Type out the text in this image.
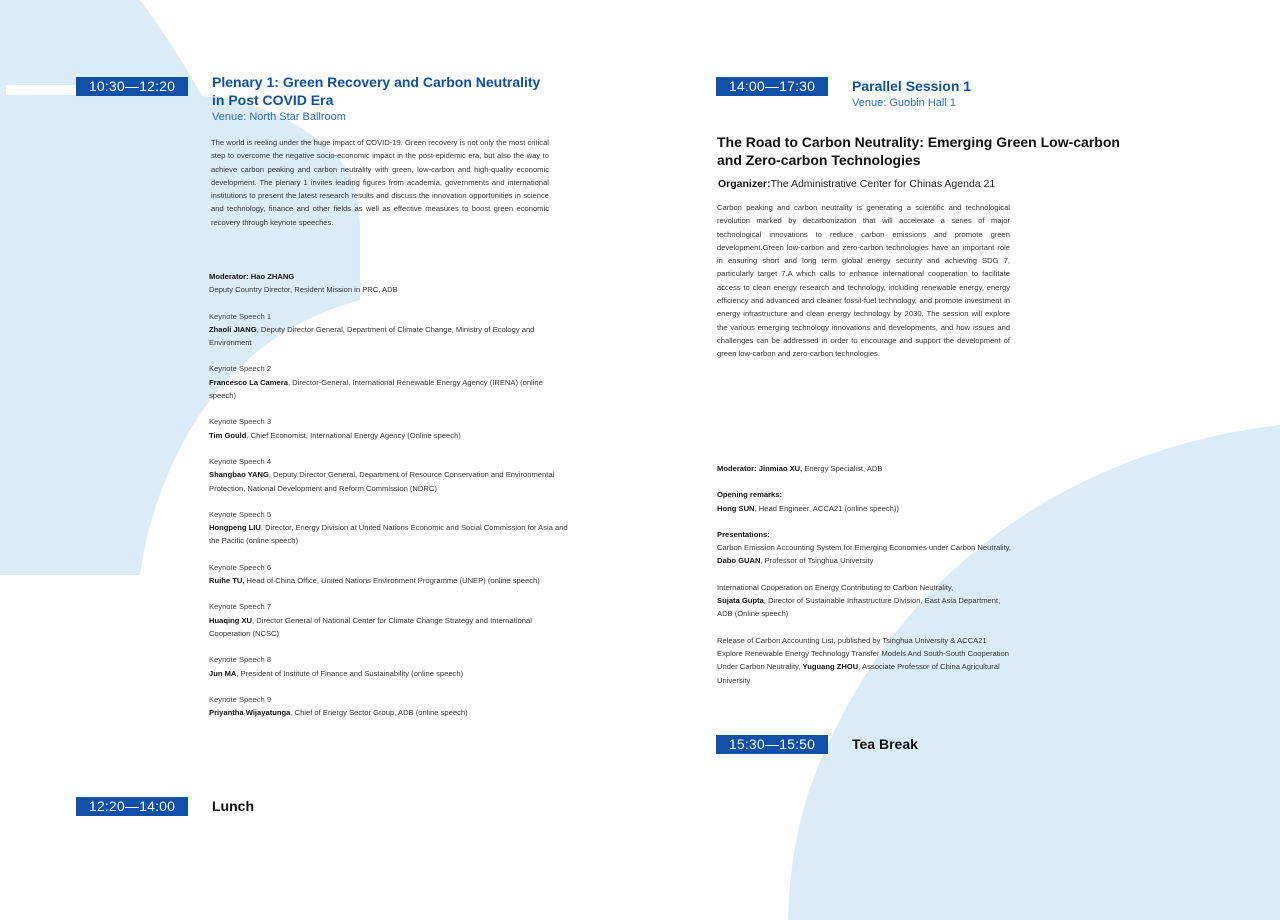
10:30—12:20	Plenary 1: Green Recovery and Carbon Neutrality
in Post COVID Era
Venue: North Star Ballroom
The world is reeling under the huge impact of COVID-19. Green recovery is not only the most critical step to overcome the negative socio-economic impact in the post-epidemic era, but also the way to achieve carbon peaking and carbon neutrality with green, low-carbon and high-quality economic development. The plenary 1 invites leading figures from academia, governments and international institutions to present the latest research results and discuss the innovation opportunities in science and technology, finance and other fields as well as effective measures to boost green economic recovery through keynote speeches.
Moderator: Hao ZHANG
Deputy Country Director, Resident Mission in PRC, ADB
Keynote Speech 1
Zhaoli JIANG, Deputy Director General, Department of Climate Change, Ministry of Ecology and Environment
Keynote Speech 2
Francesco La Camera, Director-General, International Renewable Energy Agency (IRENA) (online speech)
Keynote Speech 3
Tim Gould, Chief Economist, International Energy Agency (Online speech)
Keynote Speech 4
Shangbao YANG, Deputy Director General, Department of Resource Conservation and Environmental Protection, National Development and Reform Commission (NDRC)
Keynote Speech 5
Hongpeng LIU, Director, Energy Division at United Nations Economic and Social Commission for Asia and the Pacific (online speech)
Keynote Speech 6
Ruihe TU, Head of China Office, United Nations Environment Programme (UNEP) (online speech)
Keynote Speech 7
Huaqing XU, Director General of National Center for Climate Change Strategy and International Cooperation (NCSC)
Keynote Speech 8
Jun MA, President of Institute of Finance and Sustainability (online speech)
Keynote Speech 9
Priyantha Wijayatunga, Chief of Energy Sector Group, ADB (online speech)
12:20—14:00	Lunch
14:00—17:30	Parallel Session 1
Venue: Guobin Hall 1
The Road to Carbon Neutrality: Emerging Green Low-carbon
and Zero-carbon Technologies
Organizer:The Administrative Center for Chinas Agenda 21
Carbon peaking and carbon neutrality is generating a scientific and technological revolution marked by decarbonization that will accelerate a series of major technological innovations to reduce carbon emissions and promote green development.Green low-carbon and zero-carbon technologies have an important role in ensuring short and long term global energy security and achieving SDG 7, particularly target 7.A which calls to enhance international cooperation to facilitate access to clean energy research and technology, including renewable energy, energy efficiency and advanced and cleaner fossil-fuel technology, and promote investment in energy infrastructure and clean energy technology by 2030. The session will explore the various emerging technology innovations and developments, and how issues and challenges can be addressed in order to encourage and support the development of green low-carbon and zero-carbon technologies.
Moderator: Jinmiao XU, Energy Specialist, ADB
Opening remarks:
Hong SUN, Head Engineer, ACCA21 (online speech))
Presentations:
Carbon Emission Accounting System for Emerging Economies under Carbon Neutrality, Dabo GUAN, Professor of Tsinghua University
International Cooperation on Energy Contributing to Carbon Neutrality,
Sujata Gupta, Director of Sustainable Infrastructure Division, East Asia Department, ADB (Online speech)
Release of Carbon Accounting List, published by Tsinghua University & ACCA21
Explore Renewable Energy Technology Transfer Models And South-South Cooperation Under Carbon Neutrality, Yuguang ZHOU, Associate Professor of China Agricultural University
15:30—15:50	Tea Break
